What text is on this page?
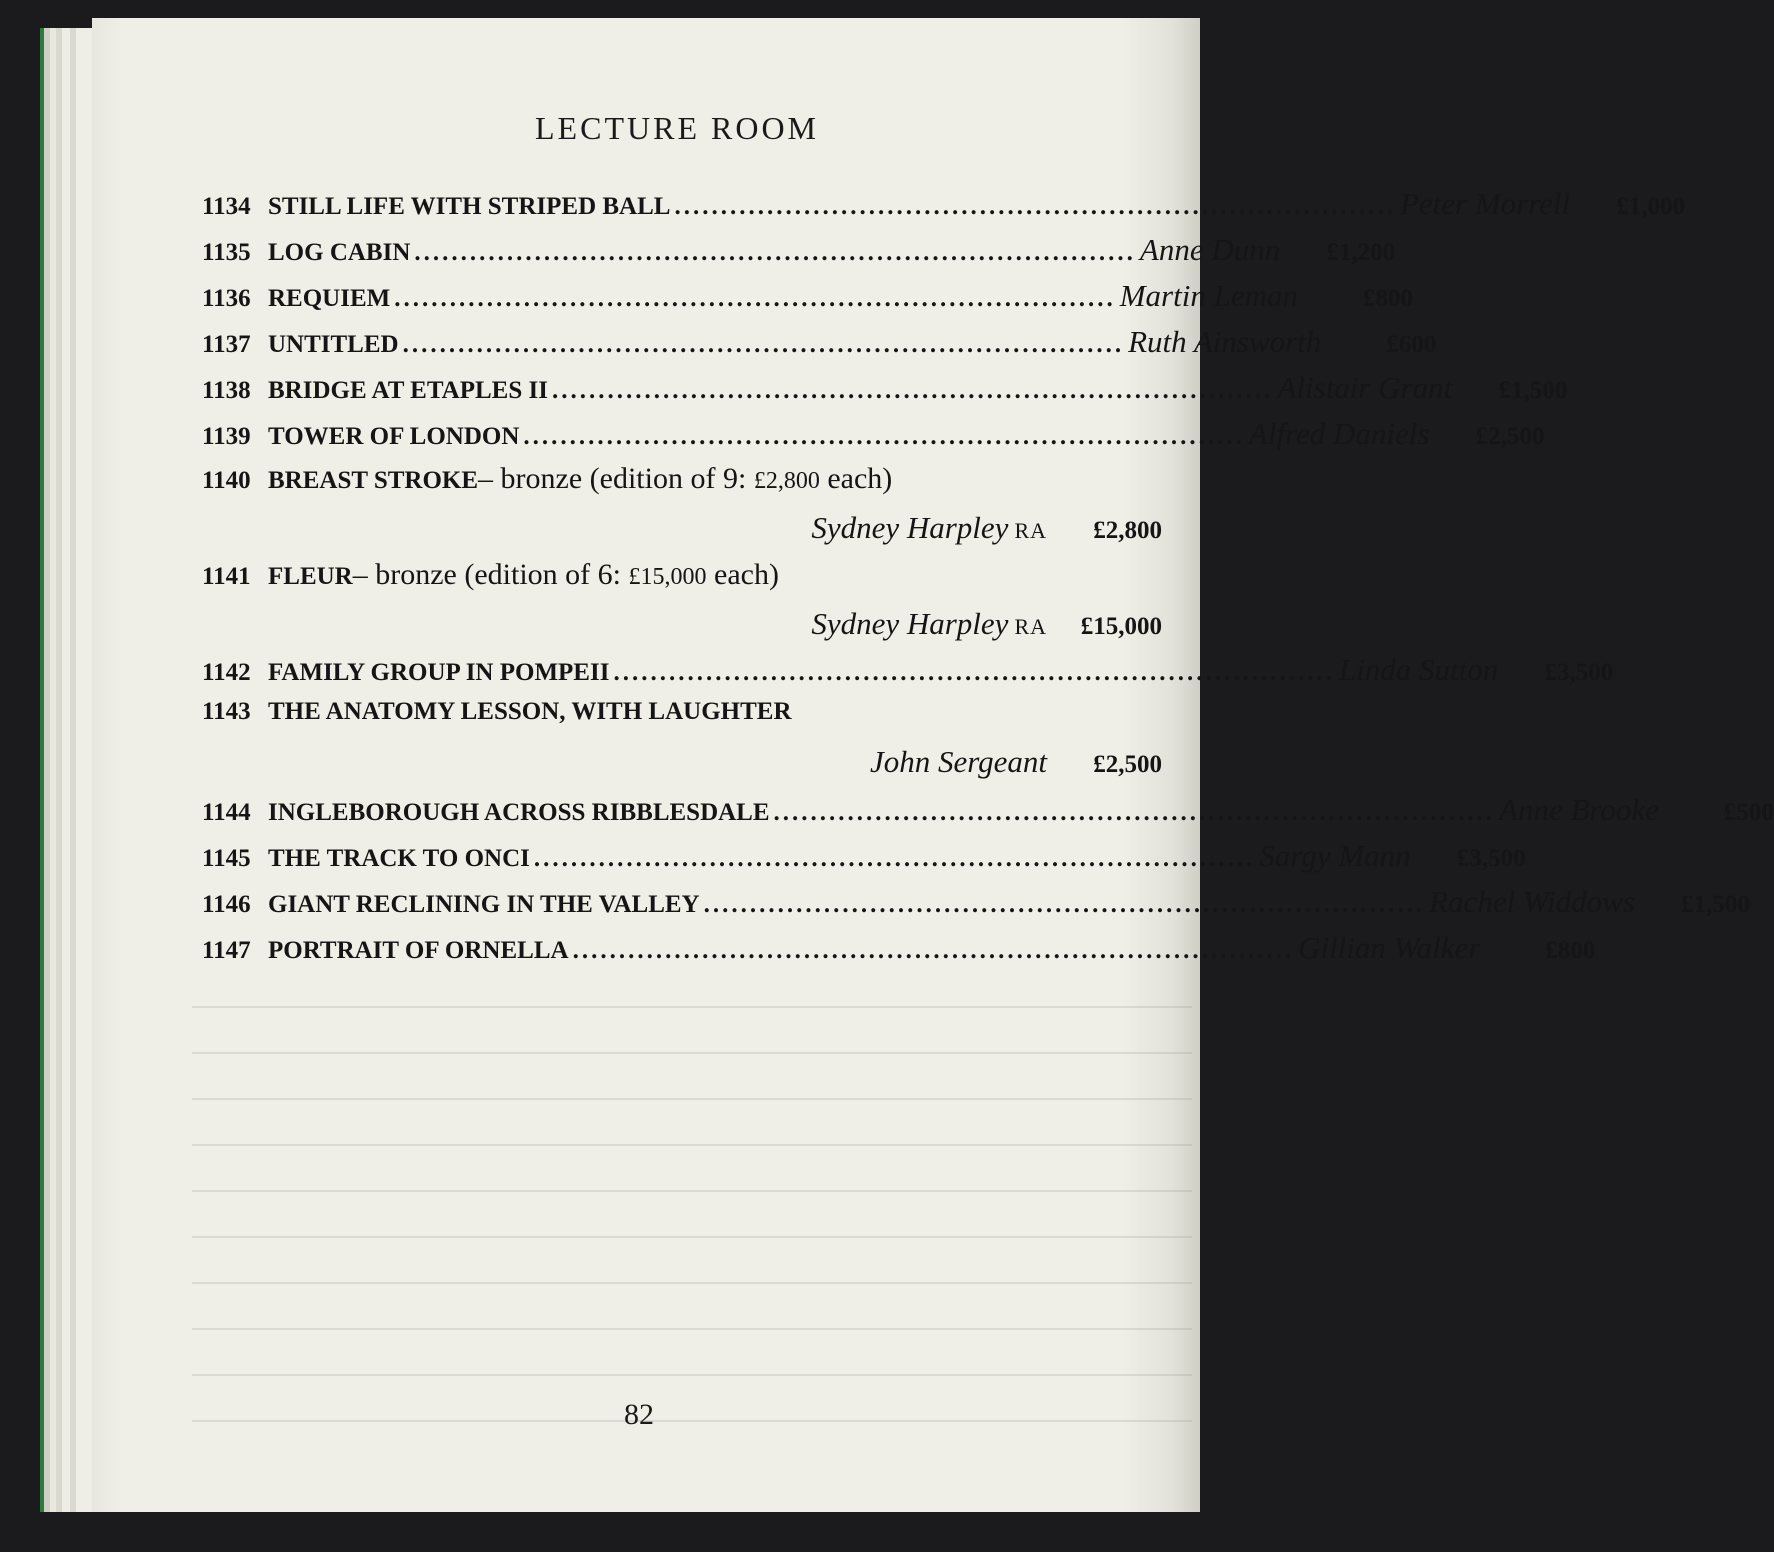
LECTURE ROOM
1134 STILL LIFE WITH STRIPED BALL .............................................................................. Peter Morrell	£1,000
1135 LOG CABIN .............................................................................. Anne Dunn	£1,200
1136 REQUIEM .............................................................................. Martin Leman	£800
1137 UNTITLED .............................................................................. Ruth Ainsworth	£600
1138 BRIDGE AT ETAPLES II .............................................................................. Alistair Grant	£1,500
1139 TOWER OF LONDON .............................................................................. Alfred Daniels	£2,500
1140 BREAST STROKE – bronze (edition of 9: £2,800 each)
Sydney Harpley RA	£2,800
1141 FLEUR – bronze (edition of 6: £15,000 each)
Sydney Harpley RA	£15,000
1142 FAMILY GROUP IN POMPEII .............................................................................. Linda Sutton	£3,500
1143 THE ANATOMY LESSON, WITH LAUGHTER
John Sergeant	£2,500
1144 INGLEBOROUGH ACROSS RIBBLESDALE .............................................................................. Anne Brooke	£500
1145 THE TRACK TO ONCI .............................................................................. Sargy Mann	£3,500
1146 GIANT RECLINING IN THE VALLEY .............................................................................. Rachel Widdows	£1,500
1147 PORTRAIT OF ORNELLA .............................................................................. Gillian Walker	£800
82
